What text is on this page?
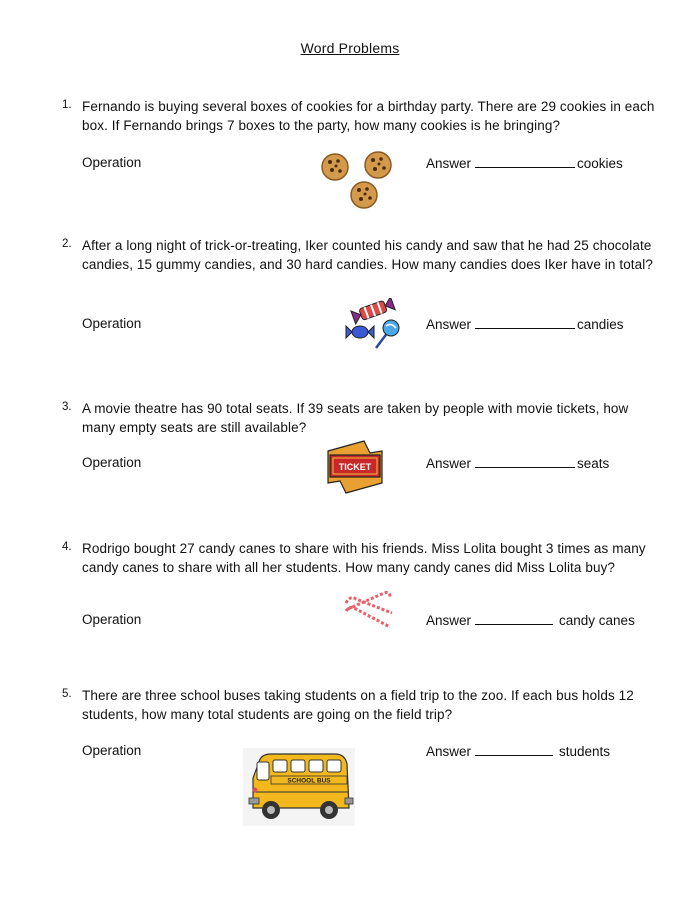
Word Problems
1. Fernando is buying several boxes of cookies for a birthday party. There are 29 cookies in each box. If Fernando brings 7 boxes to the party, how many cookies is he bringing?
Operation	Answer	cookies
2. After a long night of trick-or-treating, Iker counted his candy and saw that he had 25 chocolate candies, 15 gummy candies, and 30 hard candies. How many candies does Iker have in total?
Operation	Answer	candies
3. A movie theatre has 90 total seats. If 39 seats are taken by people with movie tickets, how many empty seats are still available?
Operation	TICKET	Answer	seats
4. Rodrigo bought 27 candy canes to share with his friends. Miss Lolita bought 3 times as many candy canes to share with all her students. How many candy canes did Miss Lolita buy?
Operation	Answer	candy canes
5. There are three school buses taking students on a field trip to the zoo. If each bus holds 12 students, how many total students are going on the field trip?
Operation
SCHOOL BUS
Answer	students
